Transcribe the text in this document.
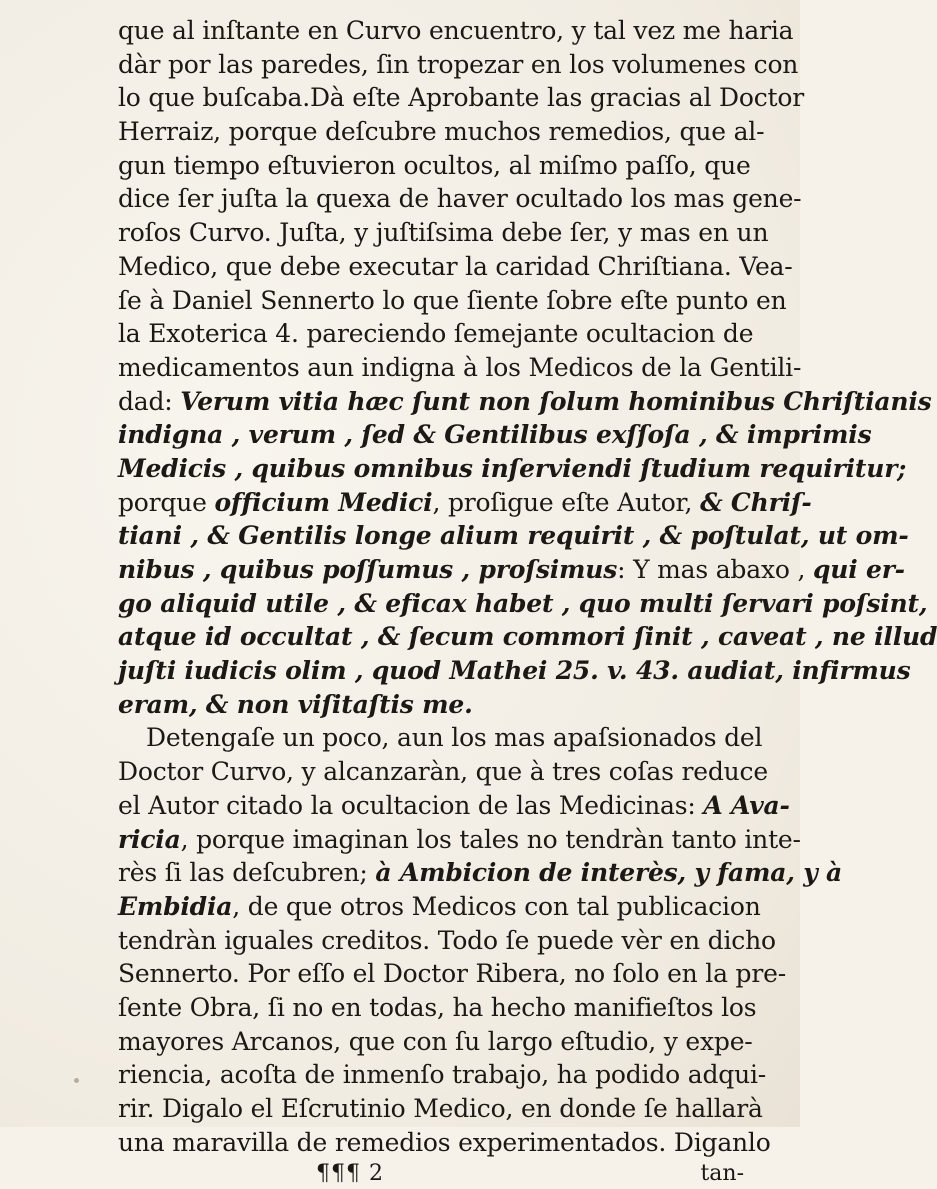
que al inſtante en Curvo encuentro, y tal vez me haria
dàr por las paredes, ſin tropezar en los volumenes con
lo que buſcaba.Dà eſte Aprobante las gracias al Doctor
Herraiz, porque deſcubre muchos remedios, que al-
gun tiempo eſtuvieron ocultos, al miſmo paſſo, que
dice ſer juſta la quexa de haver ocultado los mas gene-
roſos Curvo. Juſta, y juſtiſsima debe ſer, y mas en un
Medico, que debe executar la caridad Chriſtiana. Vea-
ſe à Daniel Sennerto lo que ſiente ſobre eſte punto en
la Exoterica 4. pareciendo ſemejante ocultacion de
medicamentos aun indigna à los Medicos de la Gentili-
dad: Verum vitia hæc ſunt non ſolum hominibus Chriſtianis
indigna , verum , ſed & Gentilibus exſſoſa , & imprimis
Medicis , quibus omnibus inſerviendi ſtudium requiritur;
porque officium Medici, proſigue eſte Autor, & Chriſ-
tiani , & Gentilis longe alium requirit , & poſtulat, ut om-
nibus , quibus poſſumus , proſsimus: Y mas abaxo , qui er-
go aliquid utile , & eficax habet , quo multi ſervari poſsint,
atque id occultat , & ſecum commori ſinit , caveat , ne illud
juſti iudicis olim , quod Mathei 25. v. 43. audiat, infirmus
eram, & non viſitaſtis me.
Detengaſe un poco, aun los mas apaſsionados del
Doctor Curvo, y alcanzaràn, que à tres coſas reduce
el Autor citado la ocultacion de las Medicinas: A Ava-
ricia, porque imaginan los tales no tendràn tanto inte-
rès ſi las deſcubren; à Ambicion de interès, y fama, y à
Embidia, de que otros Medicos con tal publicacion
tendràn iguales creditos. Todo ſe puede vèr en dicho
Sennerto. Por eſſo el Doctor Ribera, no ſolo en la pre-
ſente Obra, ſi no en todas, ha hecho manifieſtos los
mayores Arcanos, que con ſu largo eſtudio, y expe-
riencia, acoſta de inmenſo trabajo, ha podido adqui-
rir. Digalo el Eſcrutinio Medico, en donde ſe hallarà
una maravilla de remedios experimentados. Diganlo
¶¶¶ 2	tan-
